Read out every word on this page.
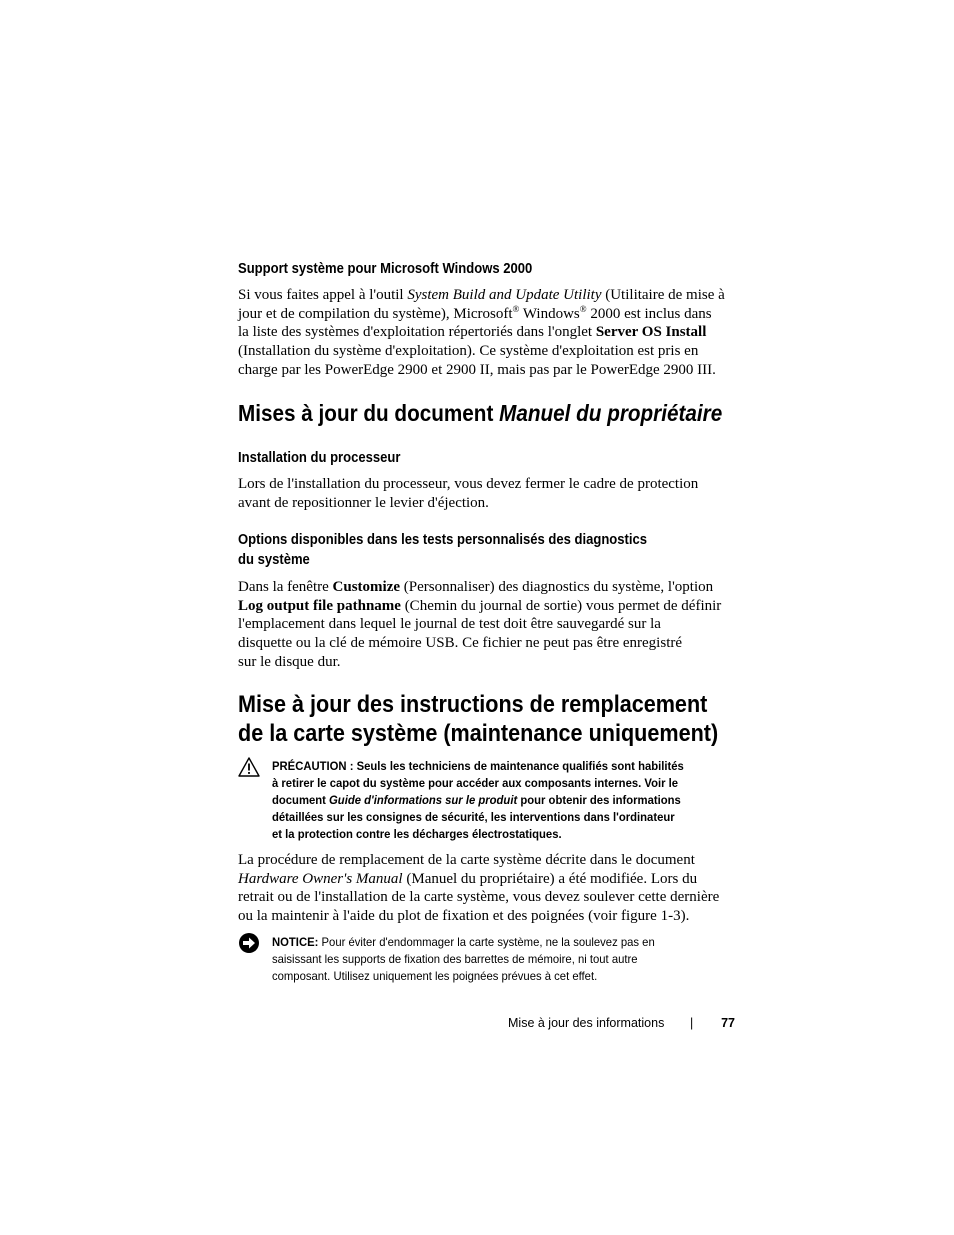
Support système pour Microsoft Windows 2000
Si vous faites appel à l'outil System Build and Update Utility (Utilitaire de mise à
jour et de compilation du système), Microsoft® Windows® 2000 est inclus dans
la liste des systèmes d'exploitation répertoriés dans l'onglet Server OS Install
(Installation du système d'exploitation). Ce système d'exploitation est pris en
charge par les PowerEdge 2900 et 2900 II, mais pas par le PowerEdge 2900 III.
Mises à jour du document Manuel du propriétaire
Installation du processeur
Lors de l'installation du processeur, vous devez fermer le cadre de protection
avant de repositionner le levier d'éjection.
Options disponibles dans les tests personnalisés des diagnostics
du système
Dans la fenêtre Customize (Personnaliser) des diagnostics du système, l'option
Log output file pathname (Chemin du journal de sortie) vous permet de définir
l'emplacement dans lequel le journal de test doit être sauvegardé sur la
disquette ou la clé de mémoire USB. Ce fichier ne peut pas être enregistré
sur le disque dur.
Mise à jour des instructions de remplacement
de la carte système (maintenance uniquement)
PRÉCAUTION : Seuls les techniciens de maintenance qualifiés sont habilités
à retirer le capot du système pour accéder aux composants internes. Voir le
document Guide d'informations sur le produit pour obtenir des informations
détaillées sur les consignes de sécurité, les interventions dans l'ordinateur
et la protection contre les décharges électrostatiques.
La procédure de remplacement de la carte système décrite dans le document
Hardware Owner's Manual (Manuel du propriétaire) a été modifiée. Lors du
retrait ou de l'installation de la carte système, vous devez soulever cette dernière
ou la maintenir à l'aide du plot de fixation et des poignées (voir figure 1-3).
NOTICE: Pour éviter d'endommager la carte système, ne la soulevez pas en
saisissant les supports de fixation des barrettes de mémoire, ni tout autre
composant. Utilisez uniquement les poignées prévues à cet effet.
Mise à jour des informations | 77
